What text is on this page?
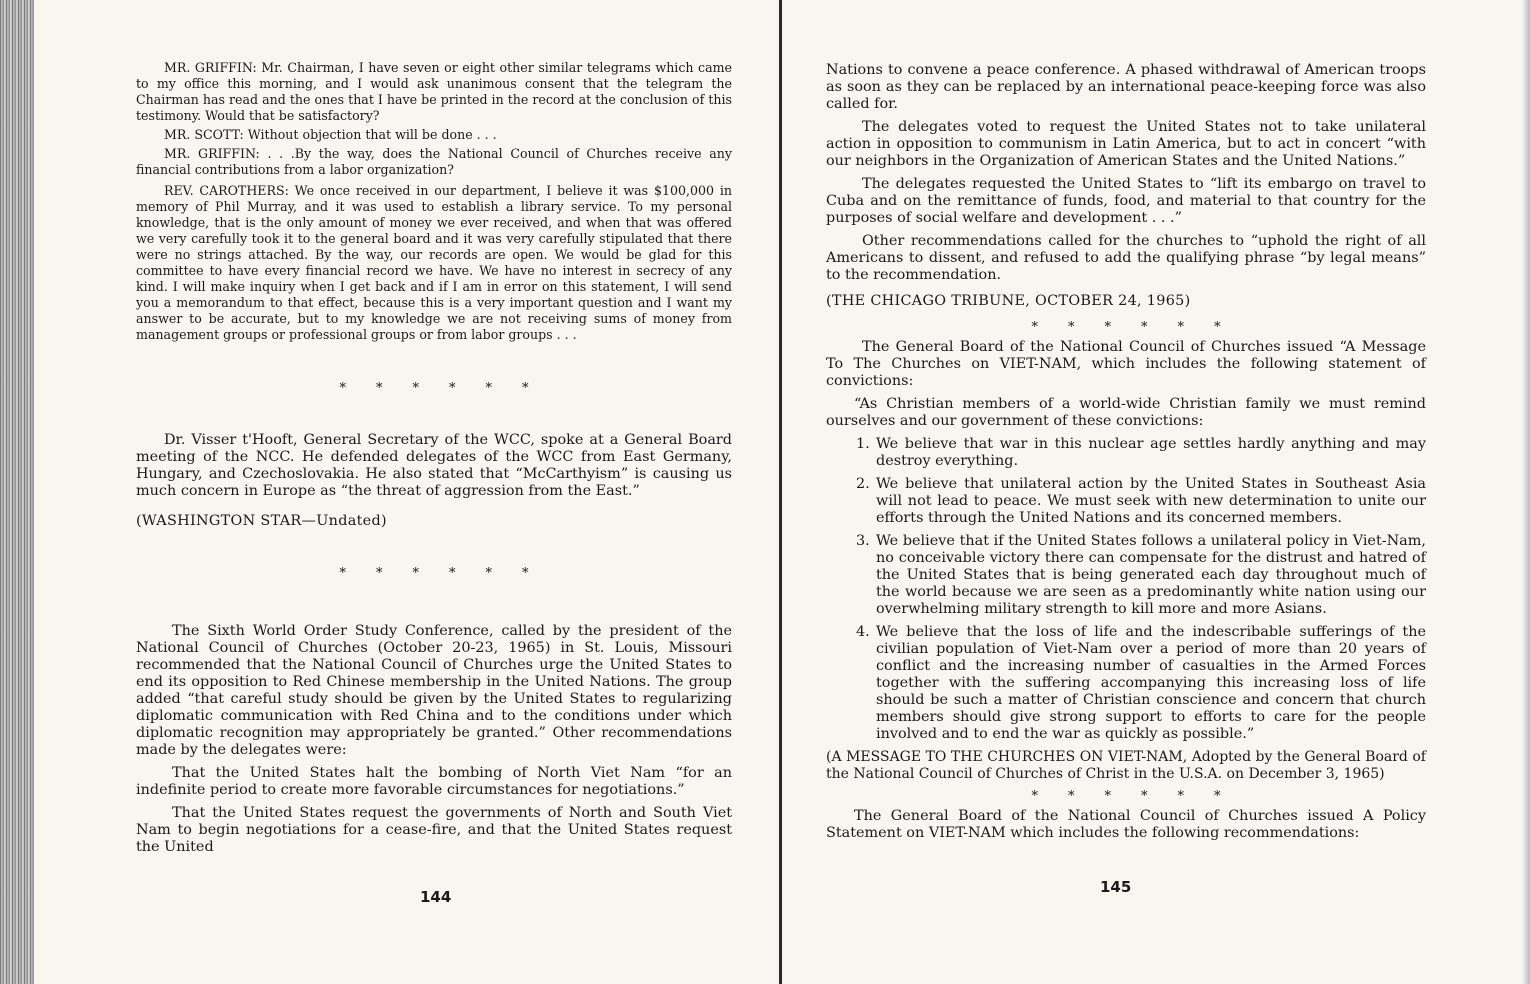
MR. GRIFFIN: Mr. Chairman, I have seven or eight other similar telegrams which came to my office this morning, and I would ask unanimous consent that the telegram the Chairman has read and the ones that I have be printed in the record at the conclusion of this testimony. Would that be satisfactory?

MR. SCOTT: Without objection that will be done . . .

MR. GRIFFIN: . . .By the way, does the National Council of Churches receive any financial contributions from a labor organization?

REV. CAROTHERS: We once received in our department, I believe it was $100,000 in memory of Phil Murray, and it was used to establish a library service. To my personal knowledge, that is the only amount of money we ever received, and when that was offered we very carefully took it to the general board and it was very carefully stipulated that there were no strings attached. By the way, our records are open. We would be glad for this committee to have every financial record we have. We have no interest in secrecy of any kind. I will make inquiry when I get back and if I am in error on this statement, I will send you a memorandum to that effect, because this is a very important question and I want my answer to be accurate, but to my knowledge we are not receiving sums of money from management groups or professional groups or from labor groups . . .

* * * * * *

Dr. Visser t'Hooft, General Secretary of the WCC, spoke at a General Board meeting of the NCC. He defended delegates of the WCC from East Germany, Hungary, and Czechoslovakia. He also stated that “McCarthyism” is causing us much concern in Europe as “the threat of aggression from the East.”

(WASHINGTON STAR—Undated)

* * * * * *

The Sixth World Order Study Conference, called by the president of the National Council of Churches (October 20-23, 1965) in St. Louis, Missouri recommended that the National Council of Churches urge the United States to end its opposition to Red Chinese membership in the United Nations. The group added “that careful study should be given by the United States to regularizing diplomatic communication with Red China and to the conditions under which diplomatic recognition may appropriately be granted.” Other recommendations made by the delegates were:

That the United States halt the bombing of North Viet Nam “for an indefinite period to create more favorable circumstances for negotiations.”

That the United States request the governments of North and South Viet Nam to begin negotiations for a cease-fire, and that the United States request the United

144

Nations to convene a peace conference. A phased withdrawal of American troops as soon as they can be replaced by an international peace-keeping force was also called for.

The delegates voted to request the United States not to take unilateral action in opposition to communism in Latin America, but to act in concert “with our neighbors in the Organization of American States and the United Nations.”

The delegates requested the United States to “lift its embargo on travel to Cuba and on the remittance of funds, food, and material to that country for the purposes of social welfare and development . . .”

Other recommendations called for the churches to “uphold the right of all Americans to dissent, and refused to add the qualifying phrase “by legal means” to the recommendation.

(THE CHICAGO TRIBUNE, OCTOBER 24, 1965)

* * * * * *

The General Board of the National Council of Churches issued “A Message To The Churches on VIET-NAM, which includes the following statement of convictions:

“As Christian members of a world-wide Christian family we must remind ourselves and our government of these convictions:

1. We believe that war in this nuclear age settles hardly anything and may destroy everything.
2. We believe that unilateral action by the United States in Southeast Asia will not lead to peace. We must seek with new determination to unite our efforts through the United Nations and its concerned members.
3. We believe that if the United States follows a unilateral policy in Viet-Nam, no conceivable victory there can compensate for the distrust and hatred of the United States that is being generated each day throughout much of the world because we are seen as a predominantly white nation using our overwhelming military strength to kill more and more Asians.
4. We believe that the loss of life and the indescribable sufferings of the civilian population of Viet-Nam over a period of more than 20 years of conflict and the increasing number of casualties in the Armed Forces together with the suffering accompanying this increasing loss of life should be such a matter of Christian conscience and concern that church members should give strong support to efforts to care for the people involved and to end the war as quickly as possible.”

(A MESSAGE TO THE CHURCHES ON VIET-NAM, Adopted by the General Board of the National Council of Churches of Christ in the U.S.A. on December 3, 1965)

* * * * * *

The General Board of the National Council of Churches issued A Policy Statement on VIET-NAM which includes the following recommendations:

145
